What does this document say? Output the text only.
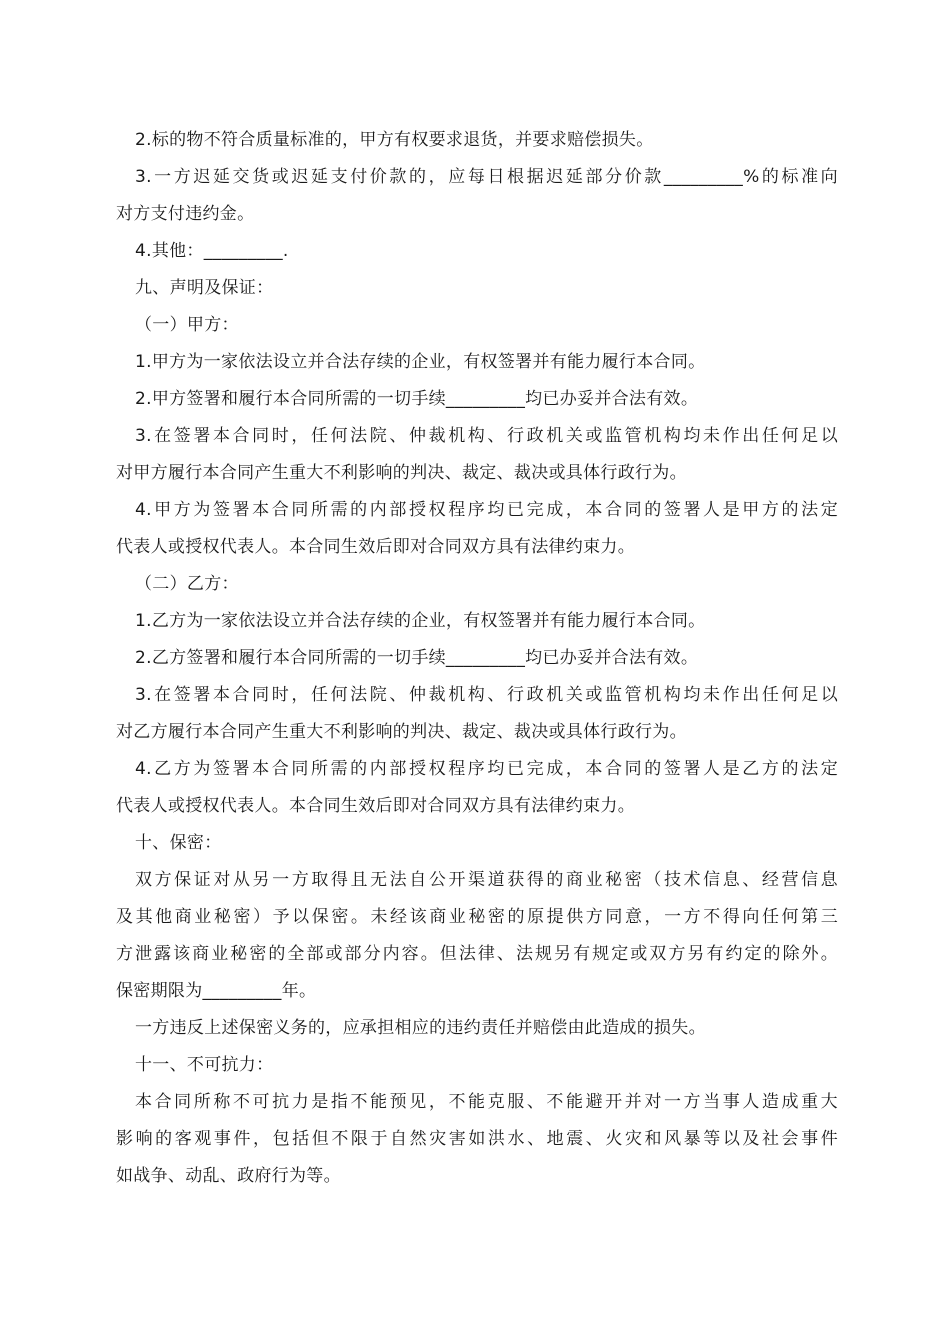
2.标的物不符合质量标准的，甲方有权要求退货，并要求赔偿损失。
3.一方迟延交货或迟延支付价款的，应每日根据迟延部分价款_________%的标准向
对方支付违约金。
4.其他：_________.
九、声明及保证：
（一）甲方：
1.甲方为一家依法设立并合法存续的企业，有权签署并有能力履行本合同。
2.甲方签署和履行本合同所需的一切手续_________均已办妥并合法有效。
3.在签署本合同时，任何法院、仲裁机构、行政机关或监管机构均未作出任何足以
对甲方履行本合同产生重大不利影响的判决、裁定、裁决或具体行政行为。
4.甲方为签署本合同所需的内部授权程序均已完成，本合同的签署人是甲方的法定
代表人或授权代表人。本合同生效后即对合同双方具有法律约束力。
（二）乙方：
1.乙方为一家依法设立并合法存续的企业，有权签署并有能力履行本合同。
2.乙方签署和履行本合同所需的一切手续_________均已办妥并合法有效。
3.在签署本合同时，任何法院、仲裁机构、行政机关或监管机构均未作出任何足以
对乙方履行本合同产生重大不利影响的判决、裁定、裁决或具体行政行为。
4.乙方为签署本合同所需的内部授权程序均已完成，本合同的签署人是乙方的法定
代表人或授权代表人。本合同生效后即对合同双方具有法律约束力。
十、保密：
双方保证对从另一方取得且无法自公开渠道获得的商业秘密（技术信息、经营信息
及其他商业秘密）予以保密。未经该商业秘密的原提供方同意，一方不得向任何第三
方泄露该商业秘密的全部或部分内容。但法律、法规另有规定或双方另有约定的除外。
保密期限为_________年。
一方违反上述保密义务的，应承担相应的违约责任并赔偿由此造成的损失。
十一、不可抗力：
本合同所称不可抗力是指不能预见，不能克服、不能避开并对一方当事人造成重大
影响的客观事件，包括但不限于自然灾害如洪水、地震、火灾和风暴等以及社会事件
如战争、动乱、政府行为等。
